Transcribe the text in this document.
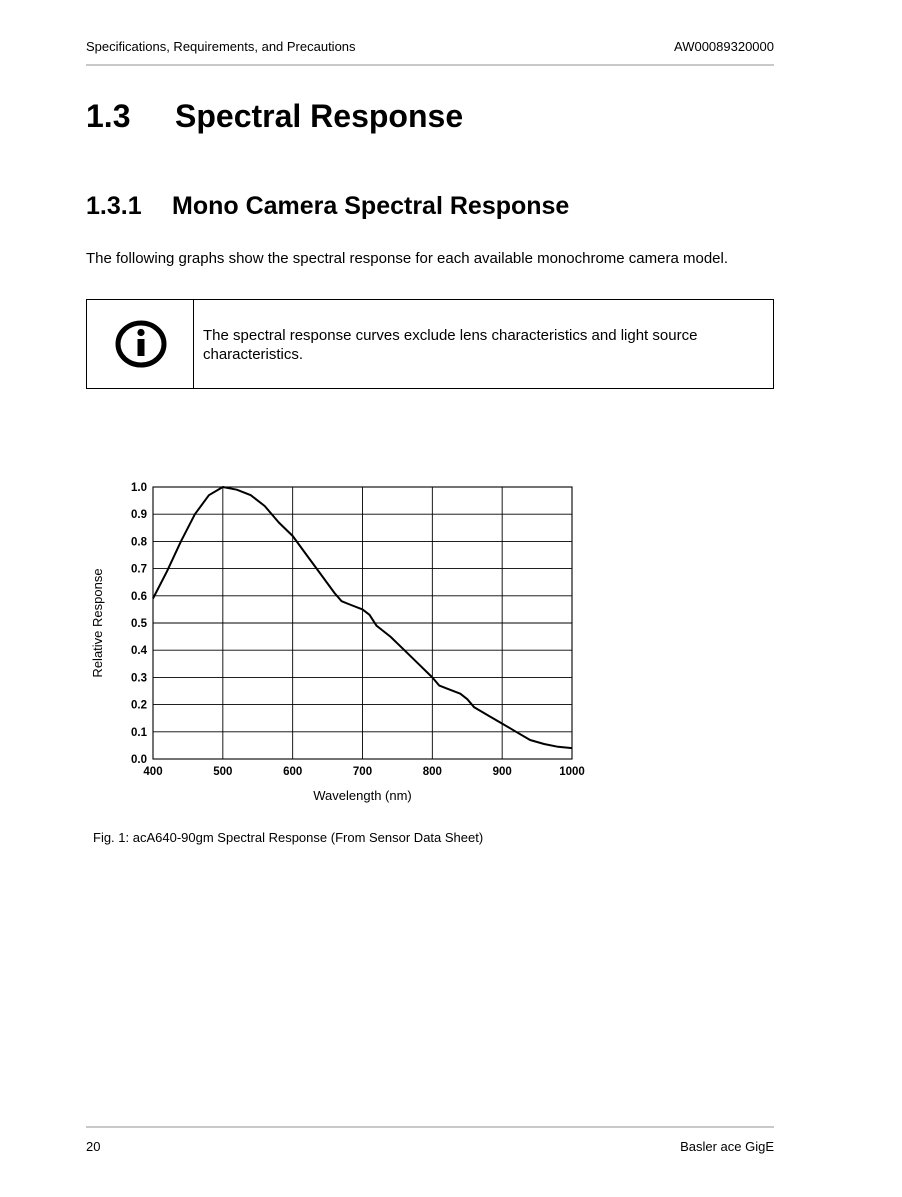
Specifications, Requirements, and Precautions	AW00089320000
1.3 Spectral Response
1.3.1 Mono Camera Spectral Response
The following graphs show the spectral response for each available monochrome camera model.
The spectral response curves exclude lens characteristics and light source characteristics.
400	500	600	700	800	900	1000
0.0
0.1
0.2
0.3
0.4
0.5
0.6
0.7
0.8
0.9
1.0
Wavelength (nm)
Relative Response
Fig. 1: acA640-90gm Spectral Response (From Sensor Data Sheet)
20	Basler ace GigE
